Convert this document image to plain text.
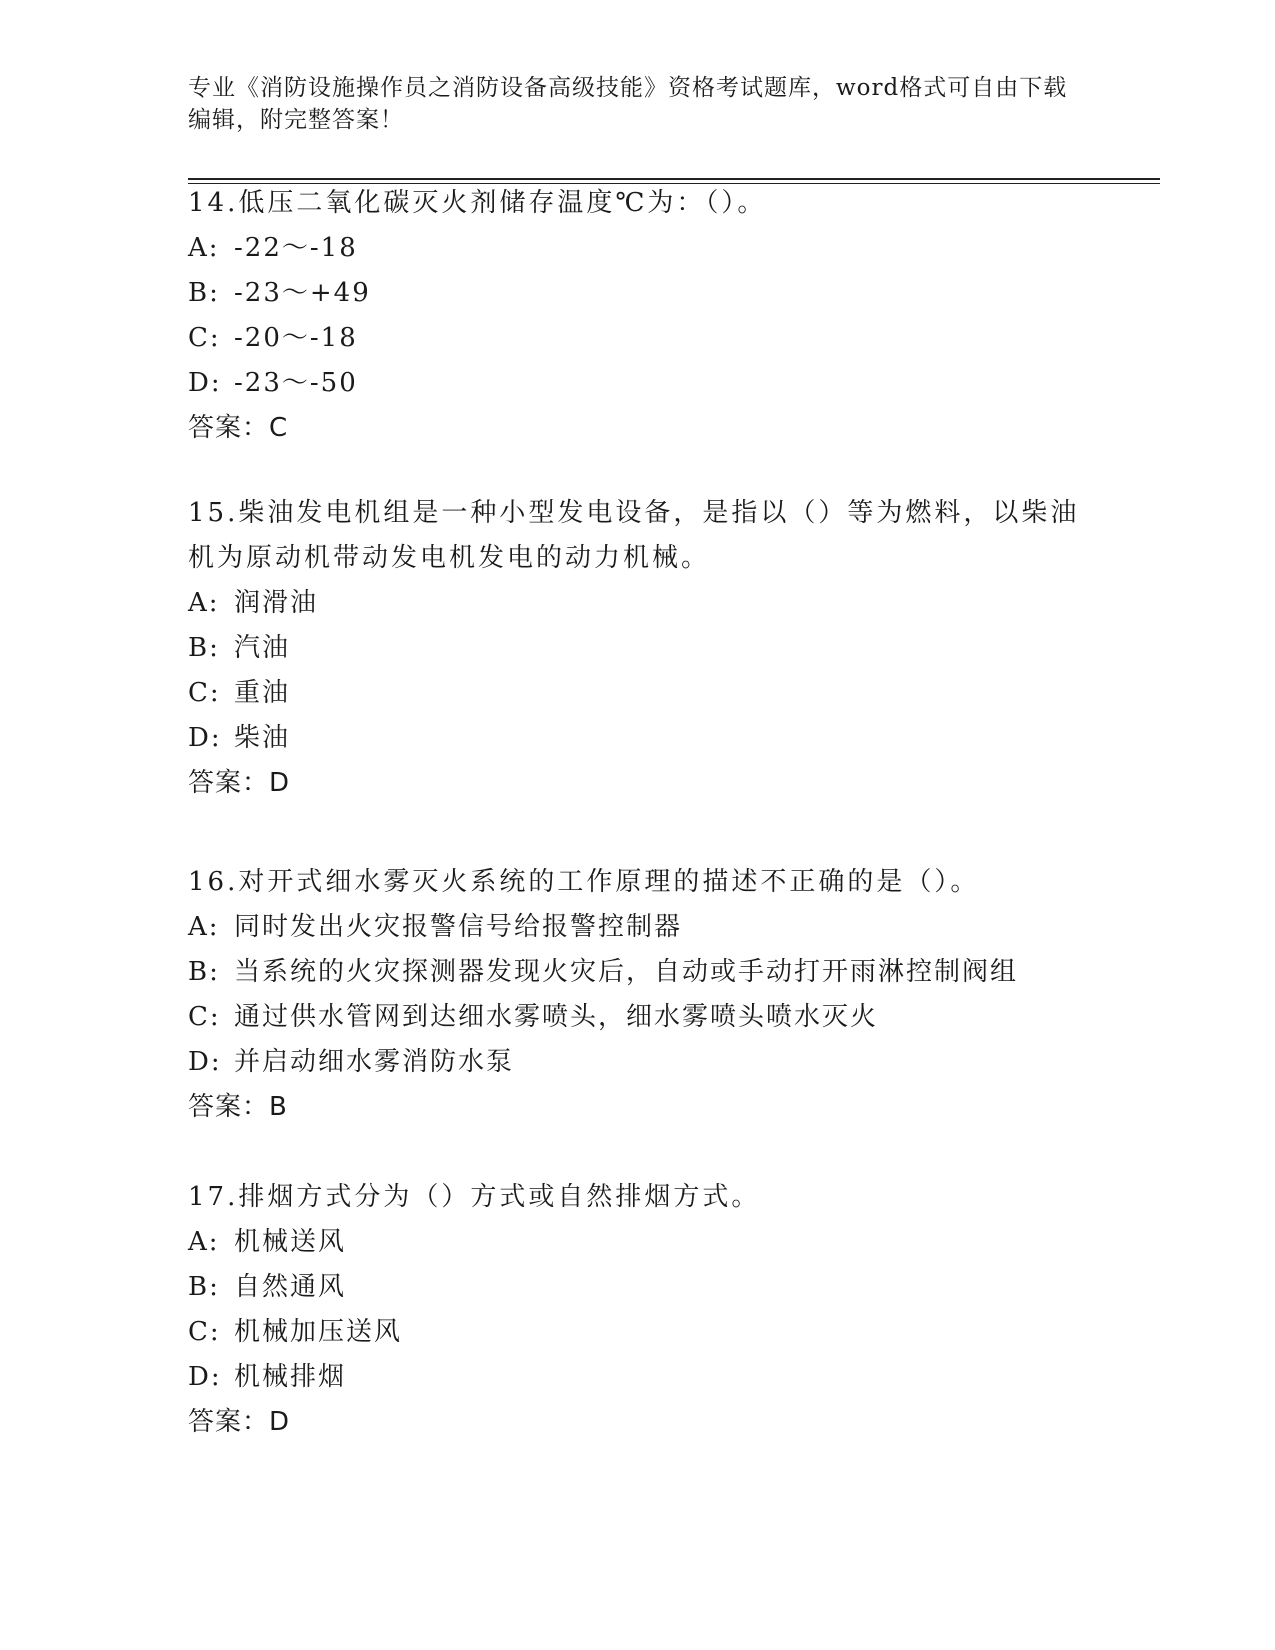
专业《消防设施操作员之消防设备高级技能》资格考试题库，word格式可自由下载编辑，附完整答案！

14.低压二氧化碳灭火剂储存温度℃为：（）。

A: -22～-18

B: -23～+49

C: -20～-18

D: -23～-50

答案：C

15.柴油发电机组是一种小型发电设备，是指以（）等为燃料，以柴油机为原动机带动发电机发电的动力机械。

A: 润滑油

B: 汽油

C: 重油

D: 柴油

答案：D

16.对开式细水雾灭火系统的工作原理的描述不正确的是（）。

A: 同时发出火灾报警信号给报警控制器

B: 当系统的火灾探测器发现火灾后，自动或手动打开雨淋控制阀组

C: 通过供水管网到达细水雾喷头，细水雾喷头喷水灭火

D: 并启动细水雾消防水泵

答案：B

17.排烟方式分为（）方式或自然排烟方式。

A: 机械送风

B: 自然通风

C: 机械加压送风

D: 机械排烟

答案：D
